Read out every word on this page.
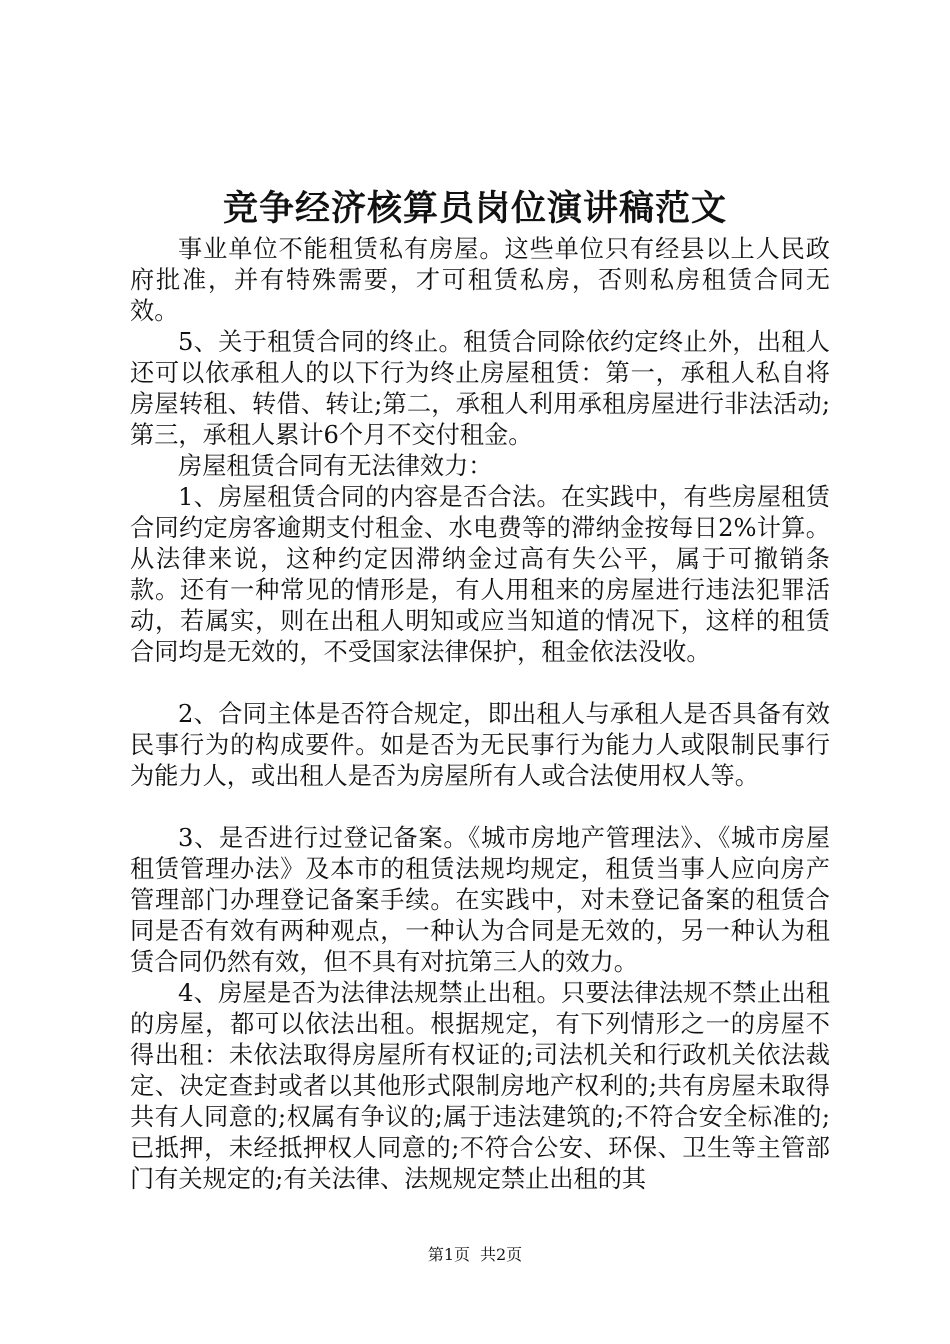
竞争经济核算员岗位演讲稿范文

事业单位不能租赁私有房屋。这些单位只有经县以上人民政府批准，并有特殊需要，才可租赁私房，否则私房租赁合同无效。

5、关于租赁合同的终止。租赁合同除依约定终止外，出租人还可以依承租人的以下行为终止房屋租赁：第一，承租人私自将房屋转租、转借、转让;第二，承租人利用承租房屋进行非法活动;第三，承租人累计6个月不交付租金。

房屋租赁合同有无法律效力：

1、房屋租赁合同的内容是否合法。在实践中，有些房屋租赁合同约定房客逾期支付租金、水电费等的滞纳金按每日2%计算。从法律来说，这种约定因滞纳金过高有失公平，属于可撤销条款。还有一种常见的情形是，有人用租来的房屋进行违法犯罪活动，若属实，则在出租人明知或应当知道的情况下，这样的租赁合同均是无效的，不受国家法律保护，租金依法没收。

2、合同主体是否符合规定，即出租人与承租人是否具备有效民事行为的构成要件。如是否为无民事行为能力人或限制民事行为能力人，或出租人是否为房屋所有人或合法使用权人等。

3、是否进行过登记备案。《城市房地产管理法》、《城市房屋租赁管理办法》及本市的租赁法规均规定，租赁当事人应向房产管理部门办理登记备案手续。在实践中，对未登记备案的租赁合同是否有效有两种观点，一种认为合同是无效的，另一种认为租赁合同仍然有效，但不具有对抗第三人的效力。

4、房屋是否为法律法规禁止出租。只要法律法规不禁止出租的房屋，都可以依法出租。根据规定，有下列情形之一的房屋不得出租：未依法取得房屋所有权证的;司法机关和行政机关依法裁定、决定查封或者以其他形式限制房地产权利的;共有房屋未取得共有人同意的;权属有争议的;属于违法建筑的;不符合安全标准的;已抵押，未经抵押权人同意的;不符合公安、环保、卫生等主管部门有关规定的;有关法律、法规规定禁止出租的其

第1页 共2页
